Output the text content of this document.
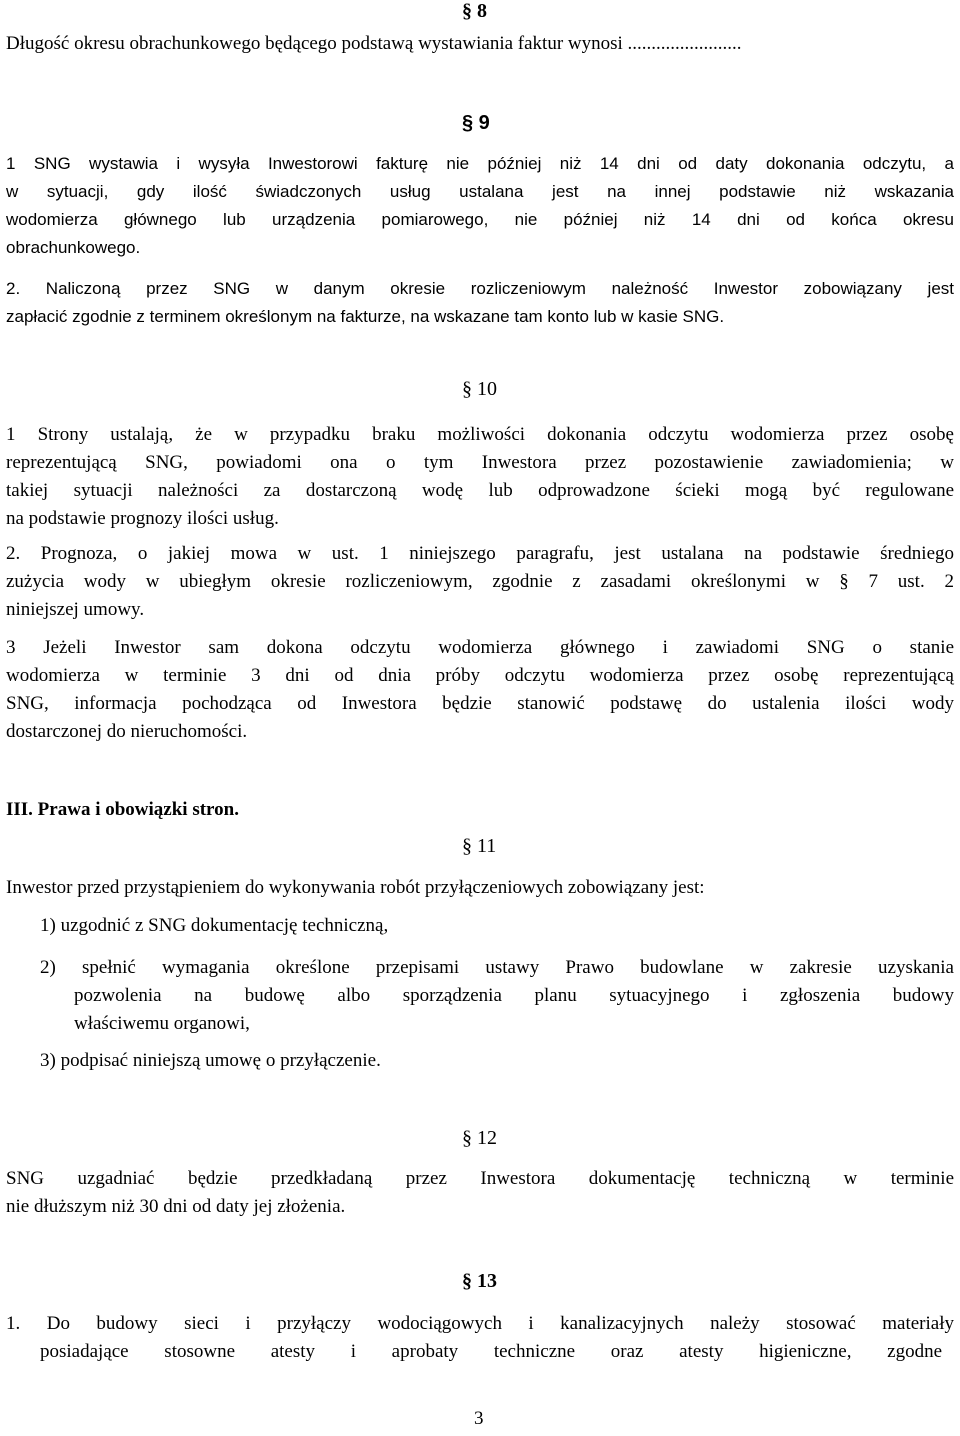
§ 8
Długość okresu obrachunkowego będącego podstawą wystawiania faktur wynosi ........................
§ 9
1 SNG wystawia i wysyła Inwestorowi fakturę nie później niż 14 dni od daty dokonania odczytu, a
w sytuacji, gdy ilość świadczonych usług ustalana jest na innej podstawie niż wskazania
wodomierza głównego lub urządzenia pomiarowego, nie później niż 14 dni od końca okresu
obrachunkowego.
2. Naliczoną przez SNG w danym okresie rozliczeniowym należność Inwestor zobowiązany jest
zapłacić zgodnie z terminem określonym na fakturze, na wskazane tam konto lub w kasie SNG.
§ 10
1 Strony ustalają, że w przypadku braku możliwości dokonania odczytu wodomierza przez osobę
reprezentującą SNG, powiadomi ona o tym Inwestora przez pozostawienie zawiadomienia; w
takiej sytuacji należności za dostarczoną wodę lub odprowadzone ścieki mogą być regulowane
na podstawie prognozy ilości usług.
2. Prognoza, o jakiej mowa w ust. 1 niniejszego paragrafu, jest ustalana na podstawie średniego
zużycia wody w ubiegłym okresie rozliczeniowym, zgodnie z zasadami określonymi w § 7 ust. 2
niniejszej umowy.
3 Jeżeli Inwestor sam dokona odczytu wodomierza głównego i zawiadomi SNG o stanie
wodomierza w terminie 3 dni od dnia próby odczytu wodomierza przez osobę reprezentującą
SNG, informacja pochodząca od Inwestora będzie stanowić podstawę do ustalenia ilości wody
dostarczonej do nieruchomości.
III. Prawa i obowiązki stron.
§ 11
Inwestor przed przystąpieniem do wykonywania robót przyłączeniowych zobowiązany jest:
1) uzgodnić z SNG dokumentację techniczną,
2) spełnić wymagania określone przepisami ustawy Prawo budowlane w zakresie uzyskania
pozwolenia na budowę albo sporządzenia planu sytuacyjnego i zgłoszenia budowy
właściwemu organowi,
3) podpisać niniejszą umowę o przyłączenie.
§ 12
SNG uzgadniać będzie przedkładaną przez Inwestora dokumentację techniczną w terminie
nie dłuższym niż 30 dni od daty jej złożenia.
§ 13
1. Do budowy sieci i przyłączy wodociągowych i kanalizacyjnych należy stosować materiały
posiadające stosowne atesty i aprobaty techniczne oraz atesty higieniczne, zgodne
3
